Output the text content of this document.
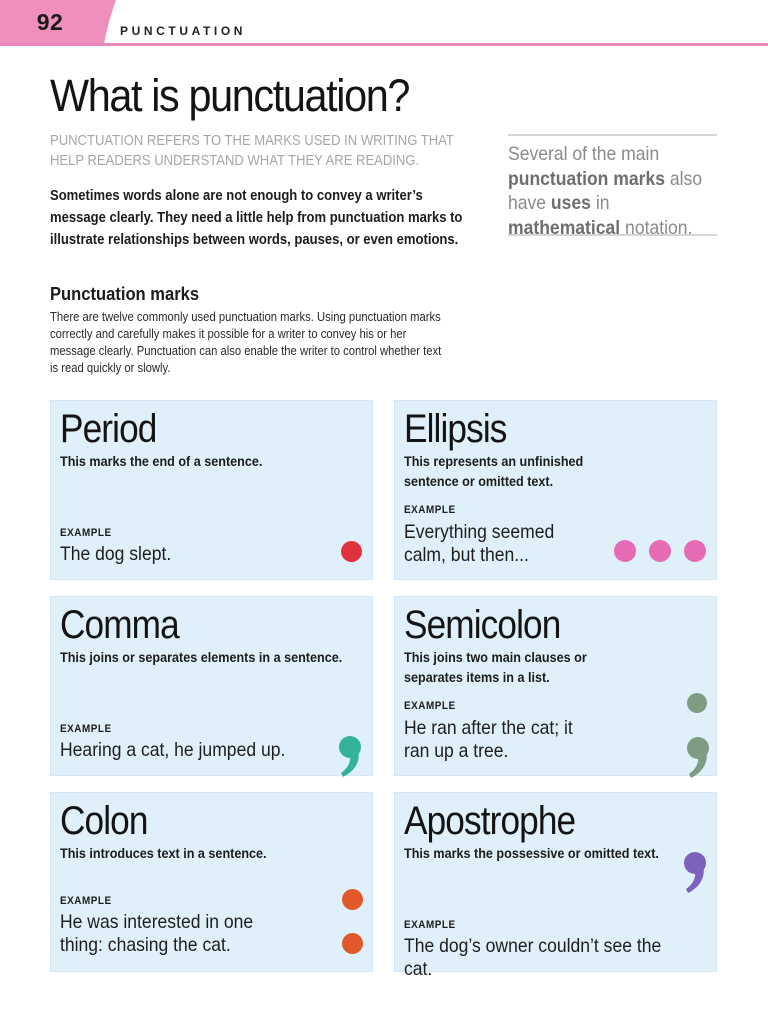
92	PUNCTUATION
What is punctuation?
PUNCTUATION REFERS TO THE MARKS USED IN WRITING THAT HELP READERS UNDERSTAND WHAT THEY ARE READING.
Sometimes words alone are not enough to convey a writer’s message clearly. They need a little help from punctuation marks to illustrate relationships between words, pauses, or even emotions.
Several of the main punctuation marks also have uses in mathematical notation.
Punctuation marks
There are twelve commonly used punctuation marks. Using punctuation marks correctly and carefully makes it possible for a writer to convey his or her message clearly. Punctuation can also enable the writer to control whether text is read quickly or slowly.
Period
This marks the end of a sentence.
EXAMPLE
The dog slept.
Ellipsis
This represents an unfinished sentence or omitted text.
EXAMPLE
Everything seemed calm, but then...
Comma
This joins or separates elements in a sentence.
EXAMPLE
Hearing a cat, he jumped up.
Semicolon
This joins two main clauses or separates items in a list.
EXAMPLE
He ran after the cat; it ran up a tree.
Colon
This introduces text in a sentence.
EXAMPLE
He was interested in one thing: chasing the cat.
Apostrophe
This marks the possessive or omitted text.
EXAMPLE
The dog’s owner couldn’t see the cat.
